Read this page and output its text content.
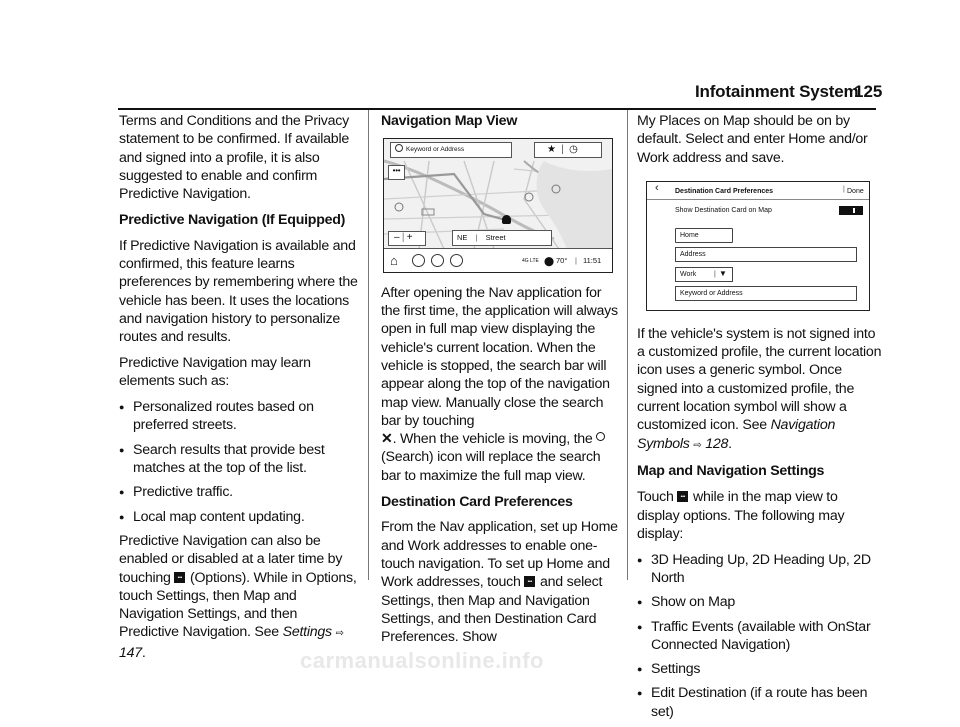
Infotainment System
125

Terms and Conditions and the Privacy statement to be confirmed. If available and signed into a profile, it is also suggested to enable and confirm Predictive Navigation.

Predictive Navigation (If Equipped)

If Predictive Navigation is available and confirmed, this feature learns preferences by remembering where the vehicle has been. It uses the locations and navigation history to personalize routes and results.

Predictive Navigation may learn elements such as:

● Personalized routes based on preferred streets.
● Search results that provide best matches at the top of the list.
● Predictive traffic.
● Local map content updating.

Predictive Navigation can also be enabled or disabled at a later time by touching ••• (Options). While in Options, touch Settings, then Map and Navigation Settings, and then Predictive Navigation. See Settings ⇨ 147.

Navigation Map View

Keyword or Address	★ | ◷
•••
– | +	NE | Street
⌂	4G LTE ⬤ 70° | 11:51

After opening the Nav application for the first time, the application will always open in full map view displaying the vehicle's current location. When the vehicle is stopped, the search bar will appear along the top of the navigation map view. Manually close the search bar by touching
✕. When the vehicle is moving, the  (Search) icon will replace the search bar to maximize the full map view.

Destination Card Preferences

From the Nav application, set up Home and Work addresses to enable one-touch navigation. To set up Home and Work addresses, touch ••• and select Settings, then Map and Navigation Settings, and then Destination Card Preferences. Show

My Places on Map should be on by default. Select and enter Home and/or Work address and save.

‹ Destination Card Preferences	| Done
Show Destination Card on Map
Home
Address
Work	| ▼
Keyword or Address

If the vehicle's system is not signed into a customized profile, the current location icon uses a generic symbol. Once signed into a customized profile, the current location symbol will show a customized icon. See Navigation Symbols ⇨ 128.

Map and Navigation Settings

Touch ••• while in the map view to display options. The following may display:

● 3D Heading Up, 2D Heading Up, 2D North
● Show on Map
● Traffic Events (available with OnStar Connected Navigation)
● Settings
● Edit Destination (if a route has been set)
carmanualsonline.info
